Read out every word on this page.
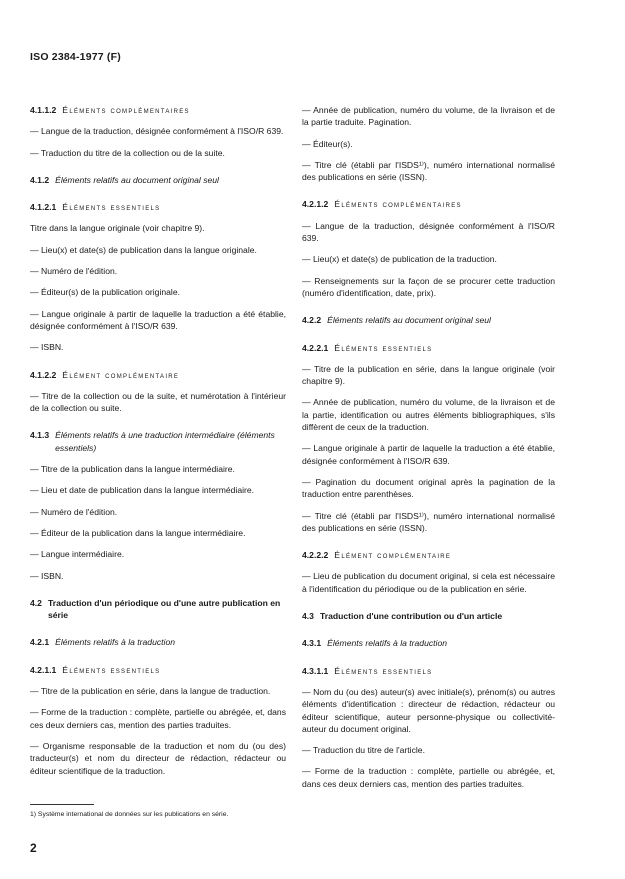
ISO 2384-1977 (F)
4.1.1.2 Éléments complémentaires
— Langue de la traduction, désignée conformément à l'ISO/R 639.
— Traduction du titre de la collection ou de la suite.
4.1.2 Éléments relatifs au document original seul
4.1.2.1 Éléments essentiels
Titre dans la langue originale (voir chapitre 9).
— Lieu(x) et date(s) de publication dans la langue originale.
— Numéro de l'édition.
— Éditeur(s) de la publication originale.
— Langue originale à partir de laquelle la traduction a été établie, désignée conformément à l'ISO/R 639.
— ISBN.
4.1.2.2 Élément complémentaire
— Titre de la collection ou de la suite, et numérotation à l'intérieur de la collection ou suite.
4.1.3 Éléments relatifs à une traduction intermédiaire (éléments essentiels)
— Titre de la publication dans la langue intermédiaire.
— Lieu et date de publication dans la langue intermédiaire.
— Numéro de l'édition.
— Éditeur de la publication dans la langue intermédiaire.
— Langue intermédiaire.
— ISBN.
4.2 Traduction d'un périodique ou d'une autre publication en série
4.2.1 Éléments relatifs à la traduction
4.2.1.1 Éléments essentiels
— Titre de la publication en série, dans la langue de traduction.
— Forme de la traduction : complète, partielle ou abrégée, et, dans ces deux derniers cas, mention des parties traduites.
— Organisme responsable de la traduction et nom du (ou des) traducteur(s) et nom du directeur de rédaction, rédacteur ou éditeur scientifique de la traduction.
— Année de publication, numéro du volume, de la livraison et de la partie traduite. Pagination.
— Éditeur(s).
— Titre clé (établi par l'ISDS¹⁾), numéro international normalisé des publications en série (ISSN).
4.2.1.2 Éléments complémentaires
— Langue de la traduction, désignée conformément à l'ISO/R 639.
— Lieu(x) et date(s) de publication de la traduction.
— Renseignements sur la façon de se procurer cette traduction (numéro d'identification, date, prix).
4.2.2 Éléments relatifs au document original seul
4.2.2.1 Éléments essentiels
— Titre de la publication en série, dans la langue originale (voir chapitre 9).
— Année de publication, numéro du volume, de la livraison et de la partie, identification ou autres éléments bibliographiques, s'ils diffèrent de ceux de la traduction.
— Langue originale à partir de laquelle la traduction a été établie, désignée conformément à l'ISO/R 639.
— Pagination du document original après la pagination de la traduction entre parenthèses.
— Titre clé (établi par l'ISDS¹⁾), numéro international normalisé des publications en série (ISSN).
4.2.2.2 Élément complémentaire
— Lieu de publication du document original, si cela est nécessaire à l'identification du périodique ou de la publication en série.
4.3 Traduction d'une contribution ou d'un article
4.3.1 Éléments relatifs à la traduction
4.3.1.1 Éléments essentiels
— Nom du (ou des) auteur(s) avec initiale(s), prénom(s) ou autres éléments d'identification : directeur de rédaction, rédacteur ou éditeur scientifique, auteur personne-physique ou collectivité-auteur du document original.
— Traduction du titre de l'article.
— Forme de la traduction : complète, partielle ou abrégée, et, dans ces deux derniers cas, mention des parties traduites.
1) Système international de données sur les publications en série.
2
